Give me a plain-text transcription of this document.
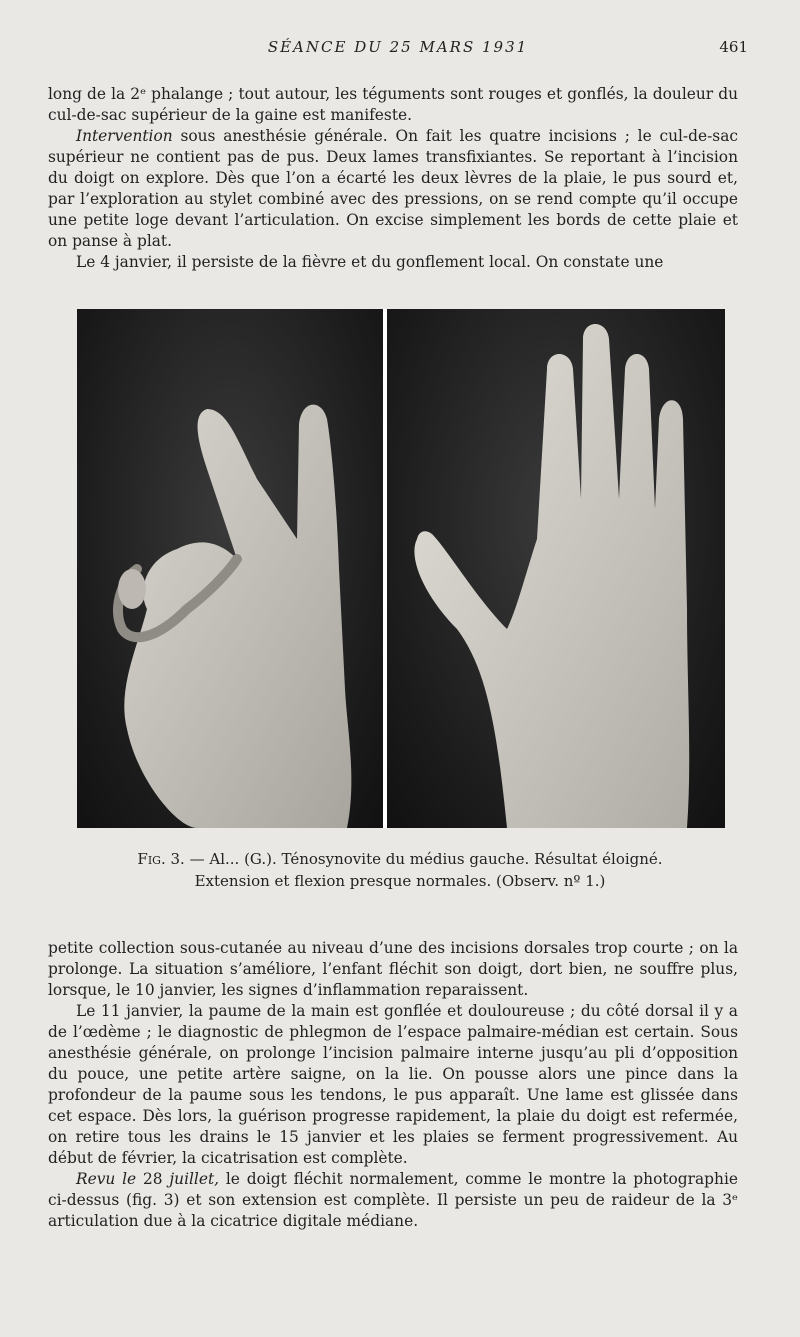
SÉANCE DU 25 MARS 1931	461

long de la 2ᵉ phalange ; tout autour, les téguments sont rouges et gonflés, la douleur du cul-de-sac supérieur de la gaine est manifeste.

Intervention sous anesthésie générale. On fait les quatre incisions ; le cul-de-sac supérieur ne contient pas de pus. Deux lames transfixiantes. Se reportant à l’incision du doigt on explore. Dès que l’on a écarté les deux lèvres de la plaie, le pus sourd et, par l’exploration au stylet combiné avec des pressions, on se rend compte qu’il occupe une petite loge devant l’articulation. On excise simplement les bords de cette plaie et on panse à plat.

Le 4 janvier, il persiste de la fièvre et du gonflement local. On constate une

Fig. 3. — Al... (G.). Ténosynovite du médius gauche. Résultat éloigné.
Extension et flexion presque normales. (Observ. nº 1.)

petite collection sous-cutanée au niveau d’une des incisions dorsales trop courte ; on la prolonge. La situation s’améliore, l’enfant fléchit son doigt, dort bien, ne souffre plus, lorsque, le 10 janvier, les signes d’inflammation reparaissent.

Le 11 janvier, la paume de la main est gonflée et douloureuse ; du côté dorsal il y a de l’œdème ; le diagnostic de phlegmon de l’espace palmaire-médian est certain. Sous anesthésie générale, on prolonge l’incision palmaire interne jusqu’au pli d’opposition du pouce, une petite artère saigne, on la lie. On pousse alors une pince dans la profondeur de la paume sous les tendons, le pus apparaît. Une lame est glissée dans cet espace. Dès lors, la guérison progresse rapidement, la plaie du doigt est refermée, on retire tous les drains le 15 janvier et les plaies se ferment progressivement. Au début de février, la cicatrisation est complète.

Revu le 28 juillet, le doigt fléchit normalement, comme le montre la photographie ci-dessus (fig. 3) et son extension est complète. Il persiste un peu de raideur de la 3ᵉ articulation due à la cicatrice digitale médiane.
